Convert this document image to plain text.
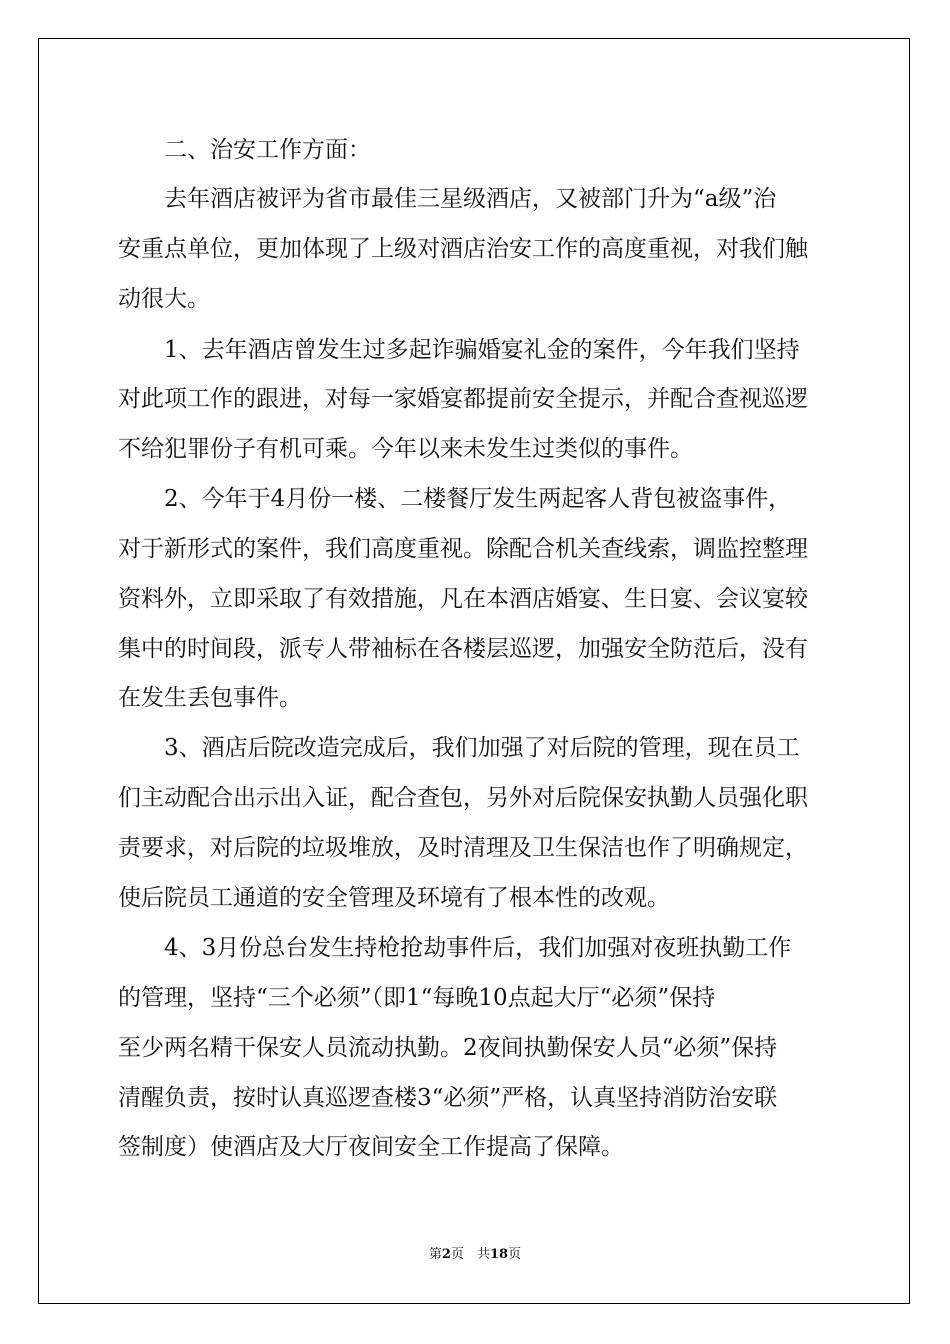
　　二、治安工作方面：
　　去年酒店被评为省市最佳三星级酒店，又被部门升为“a级”治
安重点单位，更加体现了上级对酒店治安工作的高度重视，对我们触
动很大。
　　1、去年酒店曾发生过多起诈骗婚宴礼金的案件，今年我们坚持
对此项工作的跟进，对每一家婚宴都提前安全提示，并配合查视巡逻
不给犯罪份子有机可乘。今年以来未发生过类似的事件。
　　2、今年于4月份一楼、二楼餐厅发生两起客人背包被盗事件，
对于新形式的案件，我们高度重视。除配合机关查线索，调监控整理
资料外，立即采取了有效措施，凡在本酒店婚宴、生日宴、会议宴较
集中的时间段，派专人带袖标在各楼层巡逻，加强安全防范后，没有
在发生丢包事件。
　　3、酒店后院改造完成后，我们加强了对后院的管理，现在员工
们主动配合出示出入证，配合查包，另外对后院保安执勤人员强化职
责要求，对后院的垃圾堆放，及时清理及卫生保洁也作了明确规定，
使后院员工通道的安全管理及环境有了根本性的改观。
　　4、3月份总台发生持枪抢劫事件后，我们加强对夜班执勤工作
的管理，坚持“三个必须”（即1“每晚10点起大厅“必须”保持
至少两名精干保安人员流动执勤。2夜间执勤保安人员“必须”保持
清醒负责，按时认真巡逻查楼3“必须”严格，认真坚持消防治安联
签制度）使酒店及大厅夜间安全工作提高了保障。
第2页　共18页
